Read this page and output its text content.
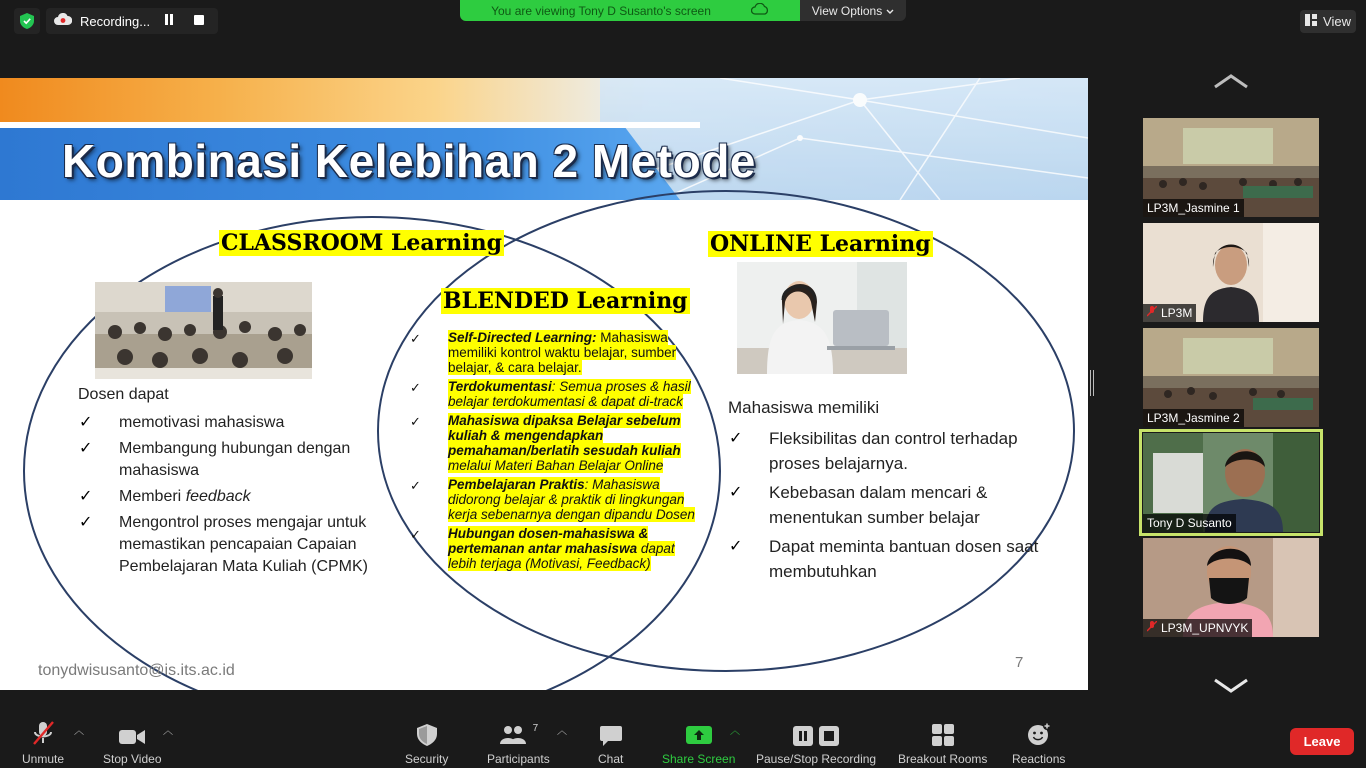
Recording...
You are viewing Tony D Susanto's screen	View Options
View
Kombinasi Kelebihan 2 Metode
CLASSROOM Learning
Dosen dapat
✓ memotivasi mahasiswa
✓ Membangung hubungan dengan mahasiswa
✓ Memberi feedback
✓ Mengontrol proses mengajar untuk memastikan pencapaian Capaian Pembelajaran Mata Kuliah (CPMK)
BLENDED Learning
✓ Self-Directed Learning: Mahasiswa memiliki kontrol waktu belajar, sumber belajar, & cara belajar.
✓ Terdokumentasi: Semua proses & hasil belajar terdokumentasi & dapat di-track
✓ Mahasiswa dipaksa Belajar sebelum kuliah & mengendapkan pemahaman/berlatih sesudah kuliah melalui Materi Bahan Belajar Online
✓ Pembelajaran Praktis: Mahasiswa didorong belajar & praktik di lingkungan kerja sebenarnya dengan dipandu Dosen
✓ Hubungan dosen-mahasiswa & pertemanan antar mahasiswa dapat lebih terjaga (Motivasi, Feedback)
ONLINE Learning
Mahasiswa memiliki
✓ Fleksibilitas dan control terhadap proses belajarnya.
✓ Kebebasan dalam mencari & menentukan sumber belajar
✓ Dapat meminta bantuan dosen saat membutuhkan
tonydwisusanto@is.its.ac.id	7
LP3M_Jasmine 1
LP3M
LP3M_Jasmine 2
Tony D Susanto
LP3M_UPNVYK
Unmute
︿
Stop Video
︿
Security
7
Participants
︿
Chat	Share Screen
︿
Pause/Stop Recording Breakout Rooms Reactions
Leave
